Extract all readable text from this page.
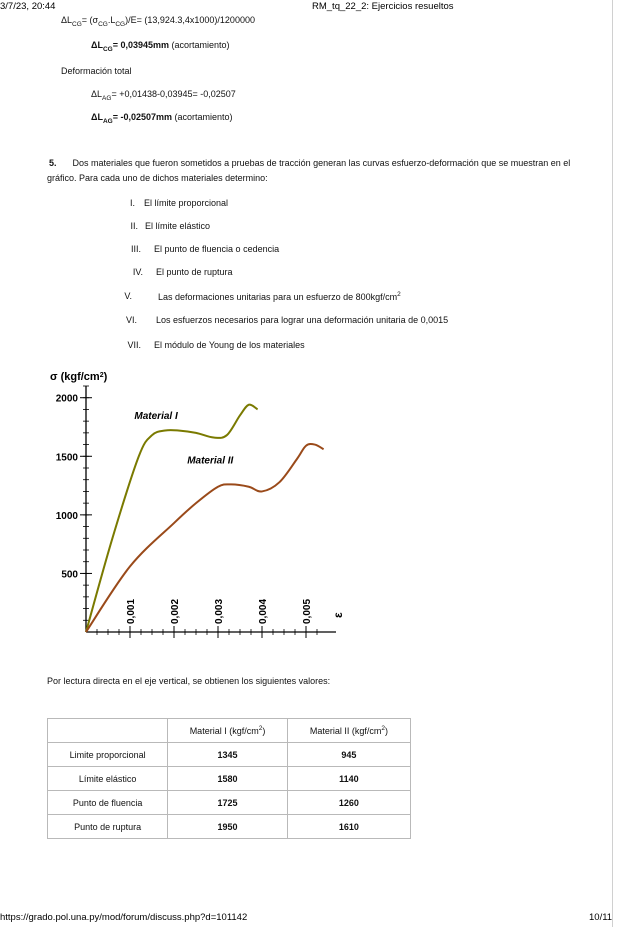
3/7/23, 20:44	RM_tq_22_2: Ejercicios resueltos
$\Delta L_{CG}= (\sigma_{CG}.L_{CG})/E= (13,924.3,4x1000)/1200000$
$\Delta L_{CG}= 0,03945mm$ (acortamiento)
Deformación total
$\Delta L_{AG}= +0,01438-0,03945= -0,02507$
$\Delta L_{AG}= -0,02507mm$ (acortamiento)
5. Dos materiales que fueron sometidos a pruebas de tracción generan las curvas esfuerzo-deformación que se muestran en el
gráfico. Para cada uno de dichos materiales determino:
I. El límite proporcional
II. El límite elástico
III. El punto de fluencia o cedencia
IV. El punto de ruptura
V.	Las deformaciones unitarias para un esfuerzo de $800kgf/cm^2$
VI. Los esfuerzos necesarios para lograr una deformación unitaria de 0,0015
VII. El módulo de Young de los materiales
500
1000
1500
2000
0,001	0,002	0,003	0,004	0,005
σ $(kgf/cm^2)$
ε
Material I
Material II
Por lectura directa en el eje vertical, se obtienen los siguientes valores:
	Material I $(kgf/cm^2)$	Material II $(kgf/cm^2)$
Limite proporcional	1345	945
Límite elástico	1580	1140
Punto de fluencia	1725	1260
Punto de ruptura	1950	1610
https://grado.pol.una.py/mod/forum/discuss.php?d=101142	10/11
